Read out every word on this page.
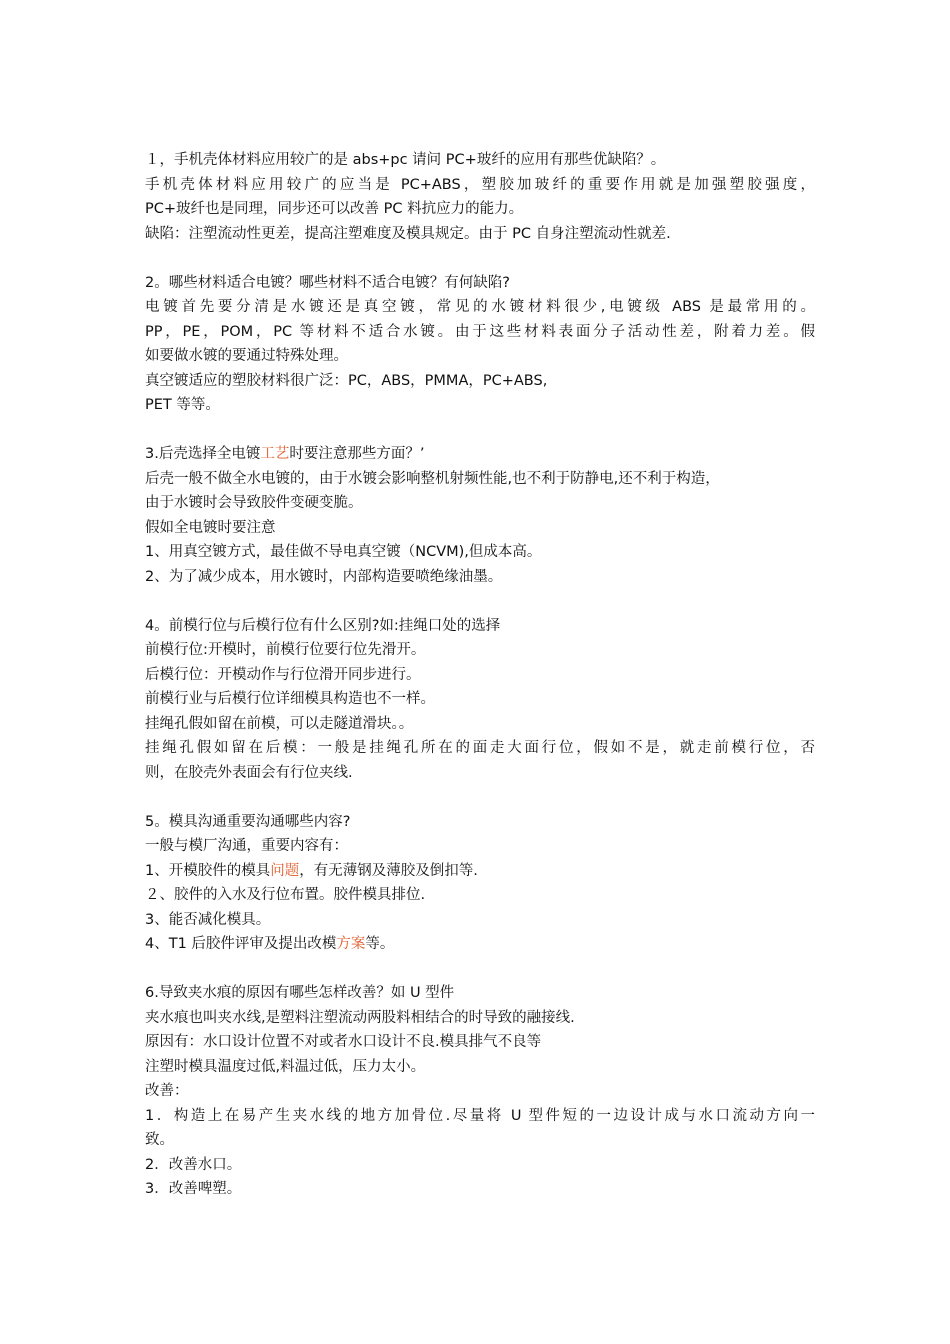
１，手机壳体材料应用较广的是 abs+pc 请问 PC+玻纤的应用有那些优缺陷？。
手机壳体材料应用较广的应当是 PC+ABS，塑胶加玻纤的重要作用就是加强塑胶强度，
PC+玻纤也是同理，同步还可以改善 PC 料抗应力的能力。
缺陷：注塑流动性更差，提高注塑难度及模具规定。由于 PC 自身注塑流动性就差.
2。哪些材料适合电镀？哪些材料不适合电镀？有何缺陷?
电镀首先要分清是水镀还是真空镀，常见的水镀材料很少,电镀级 ABS 是最常用的。
PP，PE，POM，PC 等材料不适合水镀。由于这些材料表面分子活动性差，附着力差。假
如要做水镀的要通过特殊处理。
真空镀适应的塑胶材料很广泛：PC，ABS，PMMA，PC+ABS,
PET 等等。
3.后壳选择全电镀工艺时要注意那些方面？’
后壳一般不做全水电镀的，由于水镀会影响整机射频性能,也不利于防静电,还不利于构造，
由于水镀时会导致胶件变硬变脆。
假如全电镀时要注意
1、用真空镀方式，最佳做不导电真空镀（NCVM),但成本高。
2、为了减少成本，用水镀时，内部构造要喷绝缘油墨。
4。前模行位与后模行位有什么区别?如:挂绳口处的选择
前模行位:开模时，前模行位要行位先滑开。
后模行位：开模动作与行位滑开同步进行。
前模行业与后模行位详细模具构造也不一样。
挂绳孔假如留在前模，可以走隧道滑块。。
挂绳孔假如留在后模：一般是挂绳孔所在的面走大面行位，假如不是，就走前模行位，否
则，在胶壳外表面会有行位夹线.
5。模具沟通重要沟通哪些内容?
一般与模厂沟通，重要内容有：
1、开模胶件的模具问题，有无薄钢及薄胶及倒扣等.
２、胶件的入水及行位布置。胶件模具排位.
3、能否减化模具。
4、T1 后胶件评审及提出改模方案等。
6.导致夹水痕的原因有哪些怎样改善？如 U 型件
夹水痕也叫夹水线,是塑料注塑流动两股料相结合的时导致的融接线.
原因有：水口设计位置不对或者水口设计不良.模具排气不良等
注塑时模具温度过低,料温过低，压力太小。
改善：
1．构造上在易产生夹水线的地方加骨位.尽量将 U 型件短的一边设计成与水口流动方向一
致。
2．改善水口。
3．改善啤塑。
